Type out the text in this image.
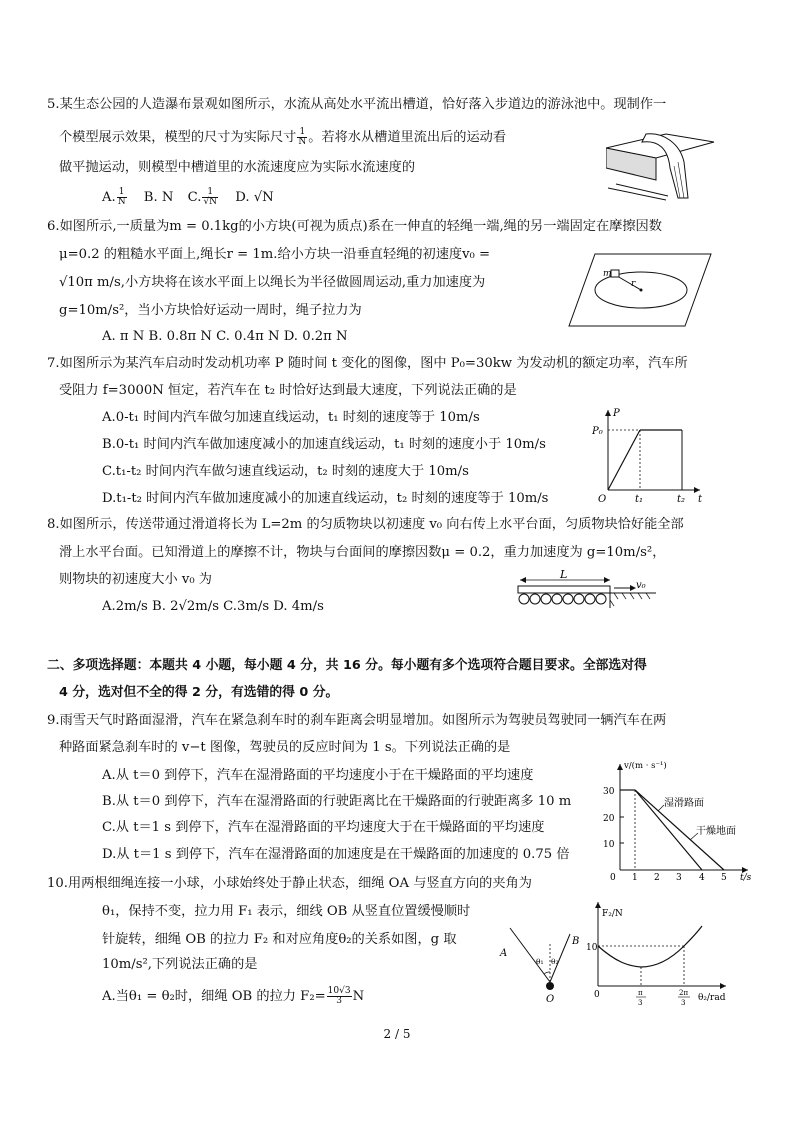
5.某生态公园的人造瀑布景观如图所示，水流从高处水平流出槽道，恰好落入步道边的游泳池中。现制作一
个模型展示效果，模型的尺寸为实际尺寸 $\frac{1}{N}$ 。若将水从槽道里流出后的运动看
做平抛运动，则模型中槽道里的水流速度应为实际水流速度的
A. $\frac{1}{N} B$. N C. $\frac{1}{√N} D$. √N
6.如图所示,一质量为m = 0.1kg的小方块(可视为质点)系在一伸直的轻绳一端,绳的另一端固定在摩擦因数
μ=0.2 的粗糙水平面上,绳长r = 1m.给小方块一沿垂直轻绳的初速度v₀ =
√10π m/s,小方块将在该水平面上以绳长为半径做圆周运动,重力加速度为
g=10m/s²，当小方块恰好运动一周时，绳子拉力为
A. π N B. 0.8π N C. 0.4π N D. 0.2π N
m
r
7.如图所示为某汽车启动时发动机功率 P 随时间 t 变化的图像，图中 P₀=30kw 为发动机的额定功率，汽车所
受阻力 f=3000N 恒定，若汽车在 t₂ 时恰好达到最大速度，下列说法正确的是
A.0-t₁ 时间内汽车做匀加速直线运动，t₁ 时刻的速度等于 10m/s
B.0-t₁ 时间内汽车做加速度减小的加速直线运动，t₁ 时刻的速度小于 10m/s
C.t₁-t₂ 时间内汽车做匀速直线运动，t₂ 时刻的速度大于 10m/s
D.t₁-t₂ 时间内汽车做加速度减小的加速直线运动，t₂ 时刻的速度等于 10m/s
P
P₀
O	t₁	t₂ t
8.如图所示，传送带通过滑道将长为 L=2m 的匀质物块以初速度 v₀ 向右传上水平台面，匀质物块恰好能全部
滑上水平台面。已知滑道上的摩擦不计，物块与台面间的摩擦因数μ = 0.2，重力加速度为 g=10m/s²，
则物块的初速度大小 v₀ 为
A.2m/s B. 2√2m/s C.3m/s D. 4m/s
L
v₀
二、多项选择题：本题共 4 小题，每小题 4 分，共 16 分。每小题有多个选项符合题目要求。全部选对得
4 分，选对但不全的得 2 分，有选错的得 0 分。
9.雨雪天气时路面湿滑，汽车在紧急刹车时的刹车距离会明显增加。如图所示为驾驶员驾驶同一辆汽车在两
种路面紧急刹车时的 v−t 图像，驾驶员的反应时间为 1 s。下列说法正确的是
A.从 t＝0 到停下，汽车在湿滑路面的平均速度小于在干燥路面的平均速度
B.从 t＝0 到停下，汽车在湿滑路面的行驶距离比在干燥路面的行驶距离多 10 m
C.从 t＝1 s 到停下，汽车在湿滑路面的平均速度大于在干燥路面的平均速度
D.从 t＝1 s 到停下，汽车在湿滑路面的加速度是在干燥路面的加速度的 0.75 倍
v/(m · s⁻¹)
t/s
湿滑路面
干燥地面
30
20
10
0 1 2 3 4 5
10.用两根细绳连接一小球，小球始终处于静止状态，细绳 OA 与竖直方向的夹角为
θ₁，保持不变，拉力用 F₁ 表示，细线 OB 从竖直位置缓慢顺时
针旋转，细绳 OB 的拉力 F₂ 和对应角度θ₂的关系如图，g 取
10m/s²,下列说法正确的是
A.当θ₁ = θ₂时，细绳 OB 的拉力 $F_2= \frac{10√3}{3}$ N
A
B
O
θ₁ θ₂
F₂/N
10
0	π
3
2π
3 θ₂/rad
2 / 5
